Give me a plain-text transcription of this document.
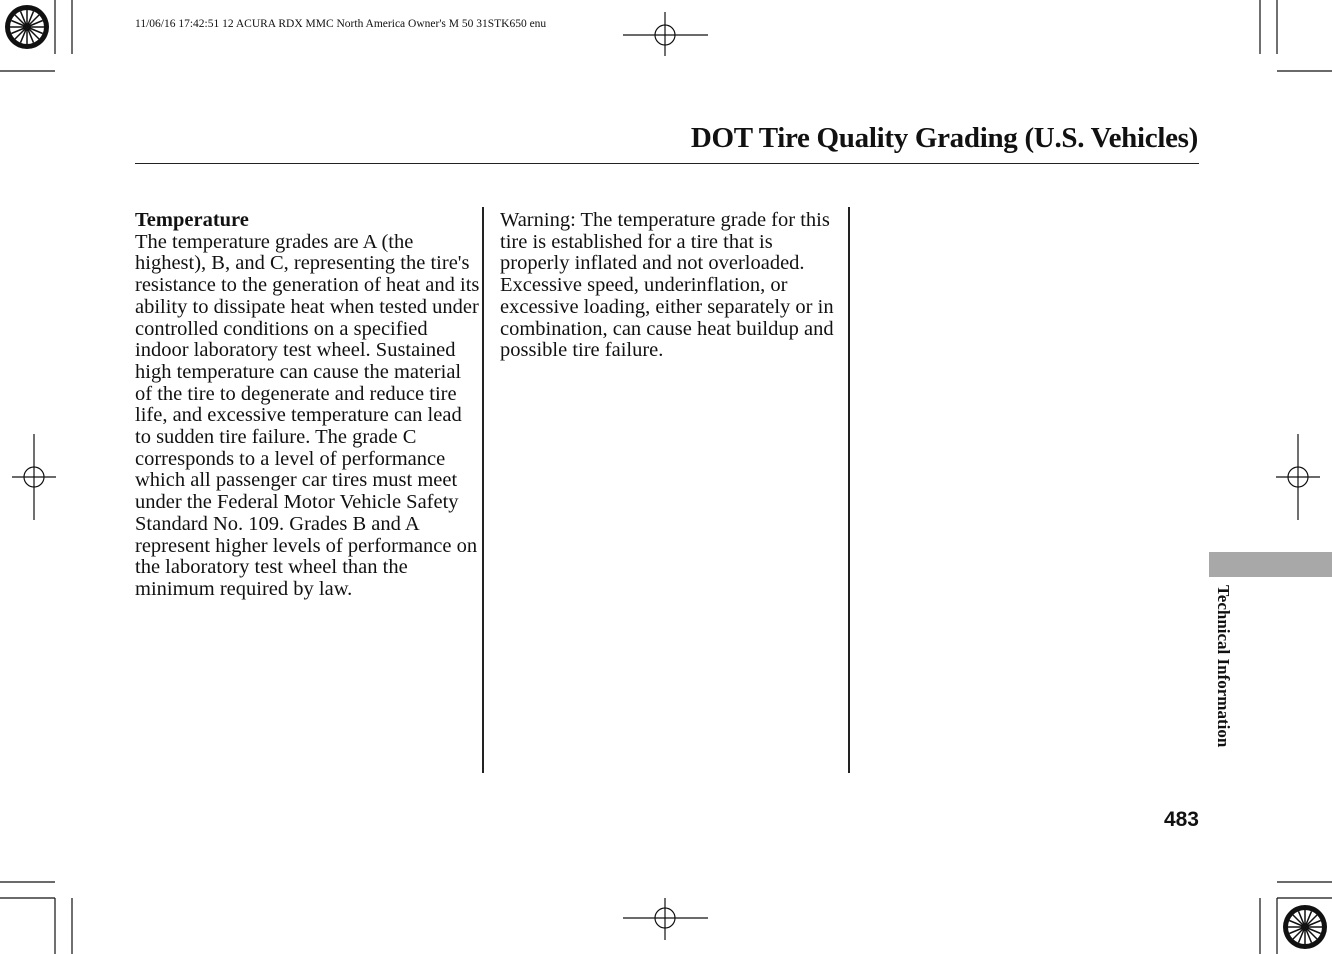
11/06/16 17:42:51 12 ACURA RDX MMC North America Owner's M 50 31STK650 enu
DOT Tire Quality Grading (U.S. Vehicles)
Temperature
The temperature grades are A (the highest), B, and C, representing the tire's resistance to the generation of heat and its ability to dissipate heat when tested under controlled conditions on a specified indoor laboratory test wheel. Sustained high temperature can cause the material of the tire to degenerate and reduce tire life, and excessive temperature can lead to sudden tire failure. The grade C corresponds to a level of performance which all passenger car tires must meet under the Federal Motor Vehicle Safety Standard No. 109. Grades B and A represent higher levels of performance on the laboratory test wheel than the minimum required by law.
Warning: The temperature grade for this tire is established for a tire that is properly inflated and not overloaded. Excessive speed, underinflation, or excessive loading, either separately or in combination, can cause heat buildup and possible tire failure.
Technical Information
483
